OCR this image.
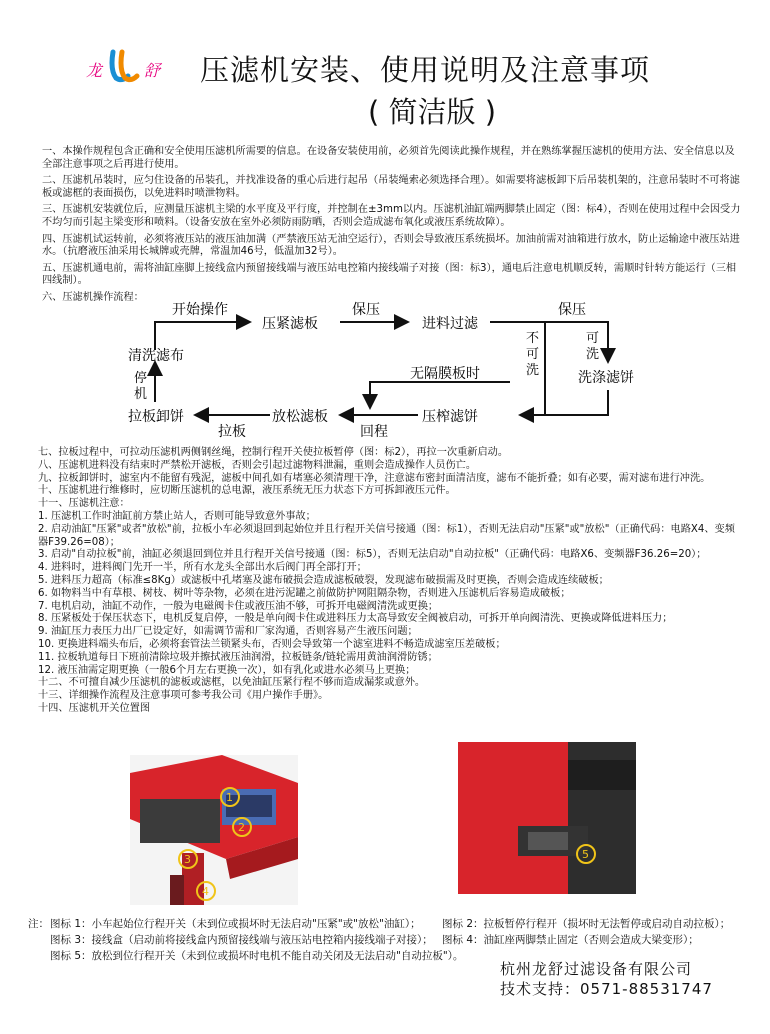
龙	舒 压滤机安装、使用说明及注意事项
( 简洁版 )
一、本操作规程包含正确和安全使用压滤机所需要的信息。在设备安装使用前，必须首先阅读此操作规程，并在熟练掌握压滤机的使用方法、安全信息以及全部注意事项之后再进行使用。
二、压滤机吊装时，应匀住设备的吊装孔，并找准设备的重心后进行起吊（吊装绳索必须选择合理）。如需要将滤板卸下后吊装机架的，注意吊装时不可将滤板或滤框的表面损伤，以免进料时喷泄物料。
三、压滤机安装就位后，应测量压滤机主梁的水平度及平行度，并控制在±3mm以内。压滤机油缸端两脚禁止固定（图：标4），否则在使用过程中会因受力不均匀而引起主梁变形和喷料。（设备安放在室外必须防雨防晒，否则会造成滤布氧化或液压系统故障）。
四、压滤机试运转前，必须将液压站的液压油加满（严禁液压站无油空运行），否则会导致液压系统损坏。加油前需对油箱进行放水，防止运输途中液压站进水。（抗磨液压油采用长城牌或壳牌，常温加46号，低温加32号）。
五、压滤机通电前，需将油缸座脚上接线盒内预留接线端与液压站电控箱内接线端子对接（图：标3），通电后注意电机顺反转，需顺时针转方能运行（三相四线制）。
六、压滤机操作流程：
开始操作
压紧滤板
保压
进料过滤
保压
不 可 洗
可 洗
洗涤滤饼
无隔膜板时
压榨滤饼
回程
放松滤板
拉板
拉板卸饼
停 机
清洗滤布
七、拉板过程中，可拉动压滤机两侧钢丝绳，控制行程开关使拉板暂停（图：标2），再拉一次重新启动。
八、压滤机进料没有结束时严禁松开滤板，否则会引起过滤物料泄漏，重则会造成操作人员伤亡。
九、拉板卸饼时，滤室内不能留有残泥，滤板中间孔如有堵塞必须清理干净，注意滤布密封面清洁度，滤布不能折叠；如有必要，需对滤布进行冲洗。
十、压滤机进行维修时，应切断压滤机的总电源，液压系统无压力状态下方可拆卸液压元件。
十一、压滤机注意：
1. 压滤机工作时油缸前方禁止站人，否则可能导致意外事故；
2. 启动油缸"压紧"或者"放松"前，拉板小车必须退回到起始位并且行程开关信号接通（图：标1），否则无法启动"压紧"或"放松"（正确代码：电路X4、变频器F39.26=08）；
3. 启动"自动拉板"前，油缸必须退回到位并且行程开关信号接通（图：标5），否则无法启动"自动拉板"（正确代码：电路X6、变频器F36.26=20）；
4. 进料时，进料阀门先开一半，所有水龙头全部出水后阀门再全部打开；
5. 进料压力超高（标准≤8Kg）或滤板中孔堵塞及滤布破损会造成滤板破裂，发现滤布破损需及时更换，否则会造成连续破板；
6. 如物料当中有草根、树枝、树叶等杂物，必须在进污泥罐之前做防护网阻隔杂物，否则进入压滤机后容易造成破板；
7. 电机启动，油缸不动作，一般为电磁阀卡住或液压油不够，可拆开电磁阀清洗或更换；
8. 压紧板处于保压状态下，电机反复启停，一般是单向阀卡住或进料压力太高导致安全阀被启动，可拆开单向阀清洗、更换或降低进料压力；
9. 油缸压力表压力出厂已设定好，如需调节需和厂家沟通，否则容易产生液压问题；
10. 更换进料端头布后，必须将套管法兰锁紧头布，否则会导致第一个滤室进料不畅造成滤室压差破板；
11. 拉板轨道每日下班前清除垃圾并擦拭液压油润滑，拉板链条/链轮需用黄油润滑防锈；
12. 液压油需定期更换（一般6个月左右更换一次），如有乳化或进水必须马上更换；
十二、不可擅自减少压滤机的滤板或滤框，以免油缸压紧行程不够而造成漏浆或意外。
十三、详细操作流程及注意事项可参考我公司《用户操作手册》。
十四、压滤机开关位置图
1
2
3
4
5
注： 图标 1：小车起始位行程开关（未到位或损坏时无法启动"压紧"或"放松"油缸）； 图标 2：拉板暂停行程开（损坏时无法暂停或启动自动拉板）；
图标 3：接线盒（启动前将接线盒内预留接线端与液压站电控箱内接线端子对接）； 图标 4：油缸座两脚禁止固定（否则会造成大梁变形）；
图标 5：放松到位行程开关（未到位或损坏时电机不能自动关闭及无法启动"自动拉板"）。
杭州龙舒过滤设备有限公司
技术支持：0571-88531747
